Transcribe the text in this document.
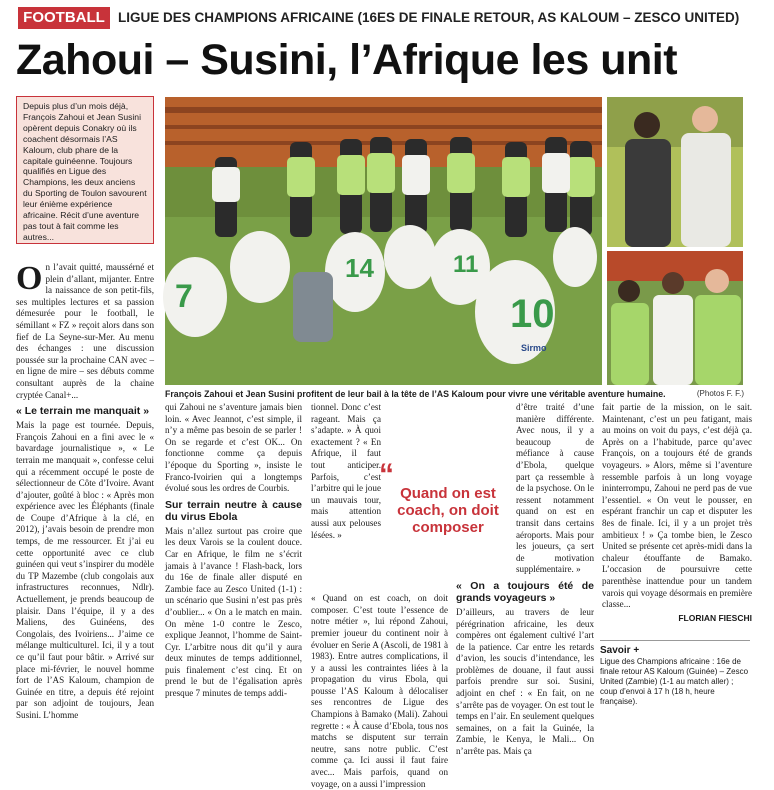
FOOTBALL LIGUE DES CHAMPIONS AFRICAINE (16ES DE FINALE RETOUR, AS KALOUM – ZESCO UNITED)
Zahoui – Susini, l’Afrique les unit
Depuis plus d’un mois déjà, François Zahoui et Jean Susini opèrent depuis Conakry où ils coachent désormais l’AS Kaloum, club phare de la capitale guinéenne. Toujours qualifiés en Ligue des Champions, les deux anciens du Sporting de Toulon savourent leur énième expérience africaine. Récit d’une aventure pas tout à fait comme les autres...
7
14	11
10
Sirmo
François Zahoui et Jean Susini profitent de leur bail à la tête de l’AS Kaloum pour vivre une véritable aventure humaine.	(Photos F. F.)

On l’avait quitté, maussérné et plein d’allant, mijanter. Entre la naissance de son petit-fils, ses multiples lectures et sa passion démesurée pour le football, le sémillant « FZ » reçoit alors dans son fief de La Seyne-sur-Mer. Au menu des échanges : une discussion poussée sur la prochaine CAN avec – en ligne de mire – ses débuts comme consultant auprès de la chaine cryptée Canal+...

« Le terrain me manquait »

Mais la page est tournée. Depuis, François Zahoui en a fini avec le « bavardage journalistique », « Le terrain me manquait », confesse celui qui a récemment occupé le poste de sélectionneur de Côte d’Ivoire. Avant d’ajouter, goûté à bloc : « Après mon expérience avec les Éléphants (finale de Coupe d’Afrique à la clé, en 2012), j’avais besoin de prendre mon temps, de me ressourcer. Et j’ai eu cette opportunité avec ce club guinéen qui veut s’inspirer du modèle du TP Mazembe (club congolais aux infrastructures reconnues, Ndlr). Actuellement, je prends beaucoup de plaisir. Dans l’équipe, il y a des Maliens, des Guinéens, des Congolais, des Ivoiriens... J’aime ce mélange multiculturel. Ici, il y a tout ce qu’il faut pour bâtir. » Arrivé sur place mi-février, le nouvel homme fort de l’AS Kaloum, champion de Guinée en titre, a depuis été rejoint par son adjoint de toujours, Jean Susini. L’homme

qui Zahoui ne s’aventure jamais bien loin. « Avec Jeannot, c’est simple, il n’y a même pas besoin de se parler ! On se regarde et c’est OK... On fonctionne comme ça depuis l’époque du Sporting », insiste le Franco-Ivoirien qui a longtemps évolué sous les ordres de Courbis.

Sur terrain neutre à cause du virus Ebola

Mais n’allez surtout pas croire que les deux Varois se la coulent douce. Car en Afrique, le film ne s’écrit jamais à l’avance ! Flash-back, lors du 16e de finale aller disputé en Zambie face au Zesco United (1-1) : un scénario que Susini n’est pas près d’oublier... « On a le match en main. On mène 1-0 contre le Zesco, explique Jeannot, l’homme de Saint-Cyr. L’arbitre nous dit qu’il y aura deux minutes de temps additionnel, puis finalement c’est cinq. Et on prend le but de l’égalisation après presque 7 minutes de temps addi-

tionnel. Donc c’est rageant. Mais ça s’adapte. » À quoi exactement ? « En Afrique, il faut tout anticiper. Parfois, c’est l’arbitre qui le joue un mauvais tour, mais attention aussi aux pelouses lésées. »

« Quand on est coach, on doit composer. C’est toute l’essence de notre métier », lui répond Zahoui, premier joueur du continent noir à évoluer en Serie A (Ascoli, de 1981 à 1983). Entre autres complications, il y a aussi les contraintes liées à la propagation du virus Ebola, qui pousse l’AS Kaloum à délocaliser ses rencontres de Ligue des Champions à Bamako (Mali). Zahoui regrette : « À cause d’Ebola, tous nos matchs se disputent sur terrain neutre, sans notre public. C’est comme ça. Ici aussi il faut faire avec... Mais parfois, quand on voyage, on a aussi l’impression

“
Quand on est coach, on doit composer

d’être traité d’une manière différente. Avec nous, il y a beaucoup de méfiance à cause d’Ebola, quelque part ça ressemble à de la psychose. On le ressent notamment quand on est en transit dans certains aéroports. Mais pour les joueurs, ça sert de motivation supplémentaire. »

« On a toujours été de grands voyageurs »

D’ailleurs, au travers de leur pérégrination africaine, les deux compères ont également cultivé l’art de la patience. Car entre les retards d’avion, les soucis d’intendance, les problèmes de douane, il faut aussi parfois prendre sur soi. Susini, adjoint en chef : « En fait, on ne s’arrête pas de voyager. On est tout le temps en l’air. En seulement quelques semaines, on a fait la Guinée, la Zambie, le Kenya, le Mali... On n’arrête pas. Mais ça

fait partie de la mission, on le sait. Maintenant, c’est un peu fatigant, mais au moins on voit du pays, c’est déjà ça. Après on a l’habitude, parce qu’avec François, on a toujours été de grands voyageurs. » Alors, même si l’aventure ressemble parfois à un long voyage ininterrompu, Zahoui ne perd pas de vue l’essentiel. « On veut le pousser, en espérant franchir un cap et disputer les 8es de finale. Ici, il y a un projet très ambitieux ! » Ça tombe bien, le Zesco United se présente cet après-midi dans la chaleur étouffante de Bamako. L’occasion de poursuivre cette parenthèse inattendue pour un tandem varois qui voyage désormais en première classe...

FLORIAN FIESCHI
Savoir +
Ligue des Champions africaine : 16e de finale retour AS Kaloum (Guinée) – Zesco United (Zambie) (1-1 au match aller) ; coup d’envoi à 17 h (18 h, heure française).
